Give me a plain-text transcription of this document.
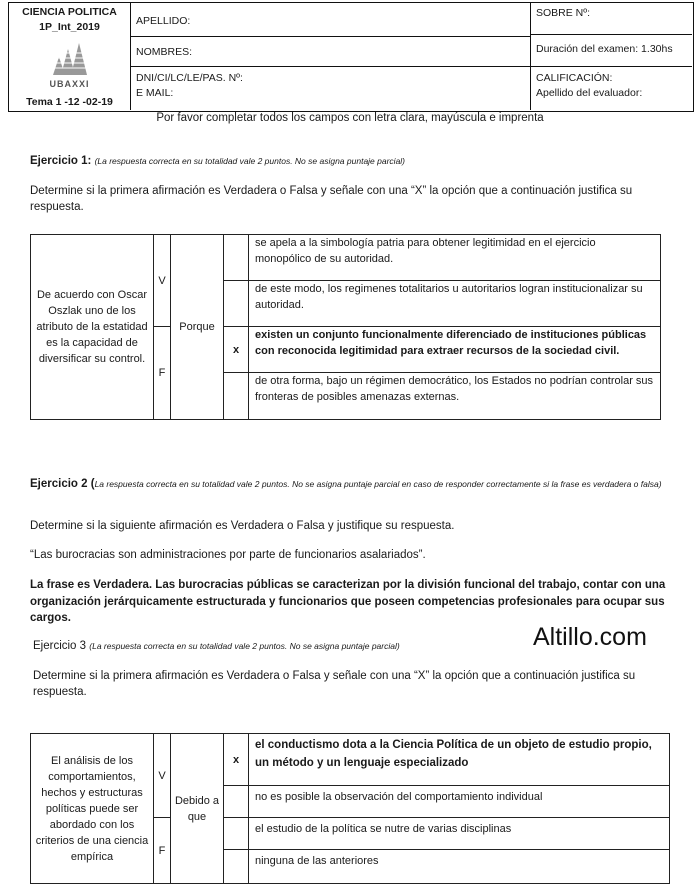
CIENCIA POLITICA
1P_Int_2019
UBAXXI
Tema 1 -12 -02-19
APELLIDO:
NOMBRES:
DNI/CI/LC/LE/PAS. Nº:
E MAIL:
SOBRE Nº:
Duración del examen: 1.30hs
CALIFICACIÓN:
Apellido del evaluador:
Por favor completar todos los campos con letra clara, mayúscula e imprenta
Ejercicio 1: (La respuesta correcta en su totalidad vale 2 puntos. No se asigna puntaje parcial)
Determine si la primera afirmación es Verdadera o Falsa y señale con una “X” la opción que a continuación justifica su respuesta.
De acuerdo con Oscar Oszlak uno de los atributo de la estatidad es la capacidad de diversificar su control.	V	Porque		se apela a la simbología patria para obtener legitimidad en el ejercicio monopólico de su autoridad.
				de este modo, los regimenes totalitarios u autoritarios logran institucionalizar su autoridad.
	F		x	existen un conjunto funcionalmente diferenciado de instituciones públicas con reconocida legitimidad para extraer recursos de la sociedad civil.
				de otra forma, bajo un régimen democrático, los Estados no podrían controlar sus fronteras de posibles amenazas externas.
Ejercicio 2 (La respuesta correcta en su totalidad vale 2 puntos. No se asigna puntaje parcial en caso de responder correctamente si la frase es verdadera o falsa)
Determine si la siguiente afirmación es Verdadera o Falsa y justifique su respuesta.
“Las burocracias son administraciones por parte de funcionarios asalariados”.
La frase es Verdadera. Las burocracias públicas se caracterizan por la división funcional del trabajo, contar con una organización jerárquicamente estructurada y funcionarios que poseen competencias profesionales para ocupar sus cargos.
Ejercicio 3 (La respuesta correcta en su totalidad vale 2 puntos. No se asigna puntaje parcial)	Altillo.com
Determine si la primera afirmación es Verdadera o Falsa y señale con una “X” la opción que a continuación justifica su respuesta.
El análisis de los comportamientos, hechos y estructuras políticas puede ser abordado con los criterios de una ciencia empírica	V	Debido a que	x	el conductismo dota a la Ciencia Política de un objeto de estudio propio, un método y un lenguaje especializado
				no es posible la observación del comportamiento individual
	F			el estudio de la política se nutre de varias disciplinas
				ninguna de las anteriores
